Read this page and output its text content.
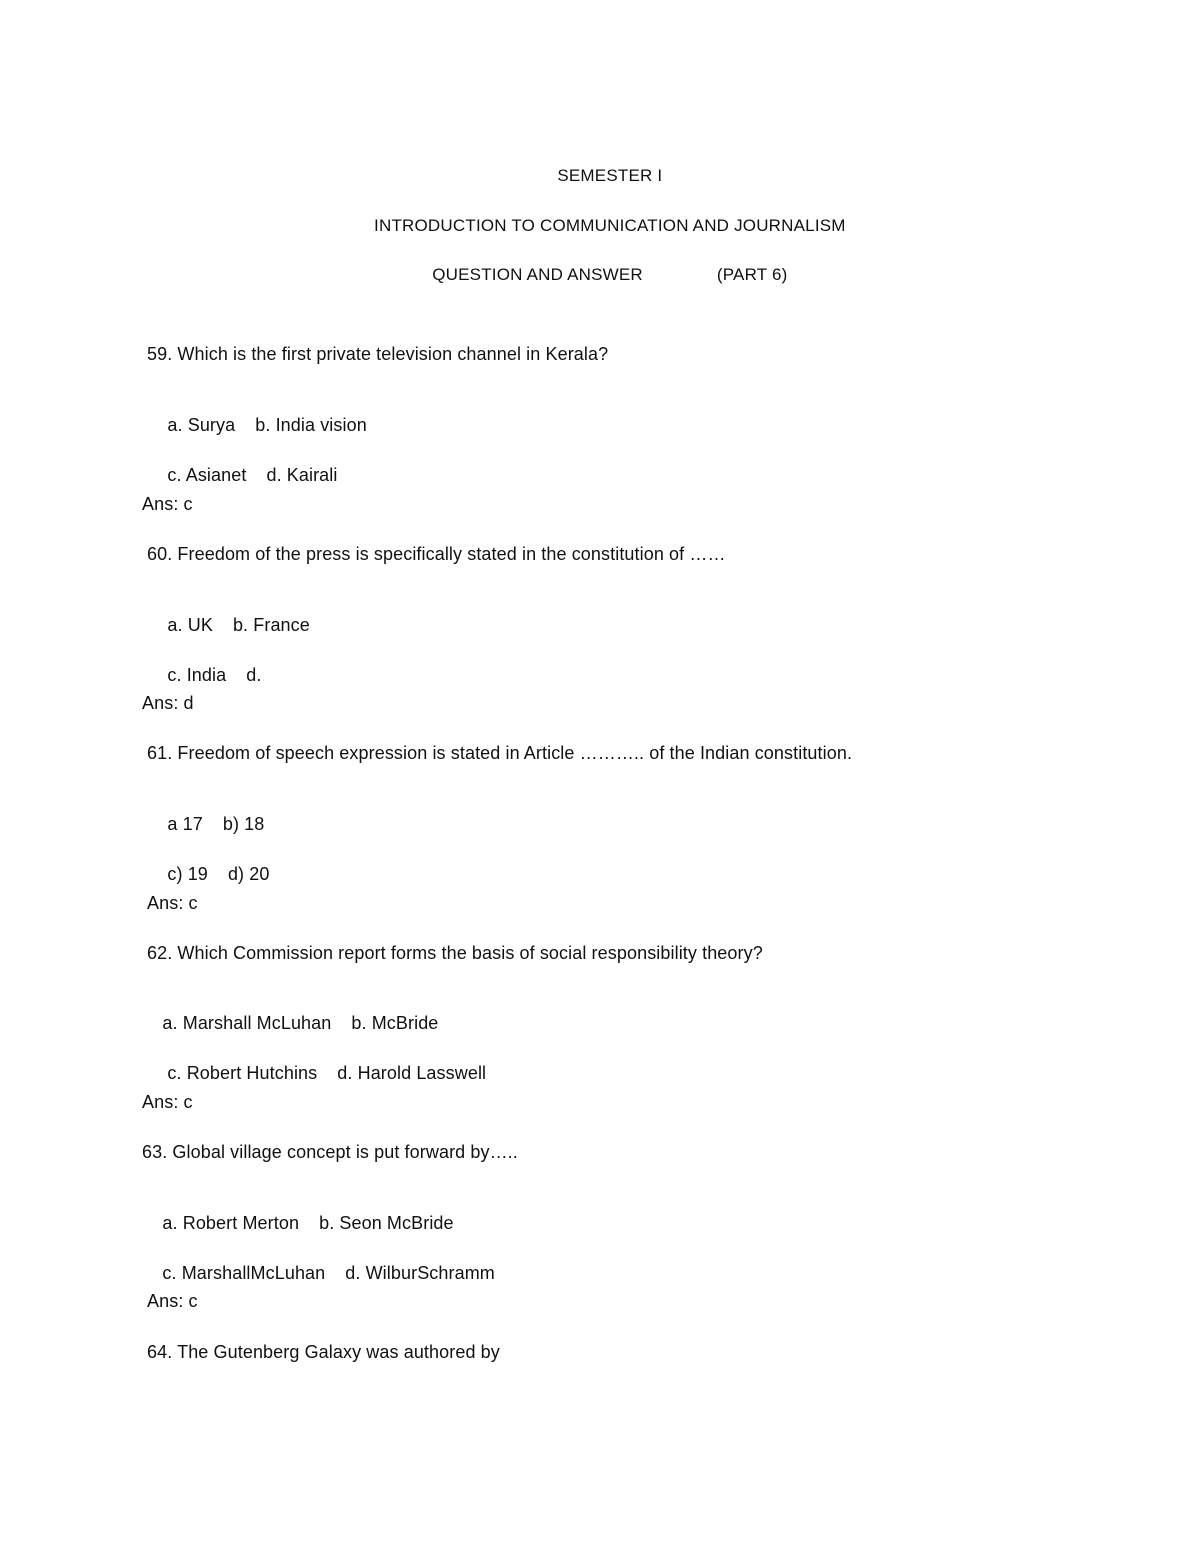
SEMESTER I

INTRODUCTION TO COMMUNICATION AND JOURNALISM

QUESTION AND ANSWER	(PART 6)

59. Which is the first private television channel in Kerala?

a. Surya b. India vision

c. Asianet d. Kairali

Ans: c
60. Freedom of the press is specifically stated in the constitution of ……

a. UK b. France

c. India d.

Ans: d
61. Freedom of speech expression is stated in Article ……….. of the Indian constitution.

a 17 b) 18

c) 19 d) 20

Ans: c
62. Which Commission report forms the basis of social responsibility theory?

a. Marshall McLuhan b. McBride

c. Robert Hutchins d. Harold Lasswell

Ans: c
63. Global village concept is put forward by…..

a. Robert Merton b. Seon McBride

c. MarshallMcLuhan d. WilburSchramm

Ans: c
64. The Gutenberg Galaxy was authored by
